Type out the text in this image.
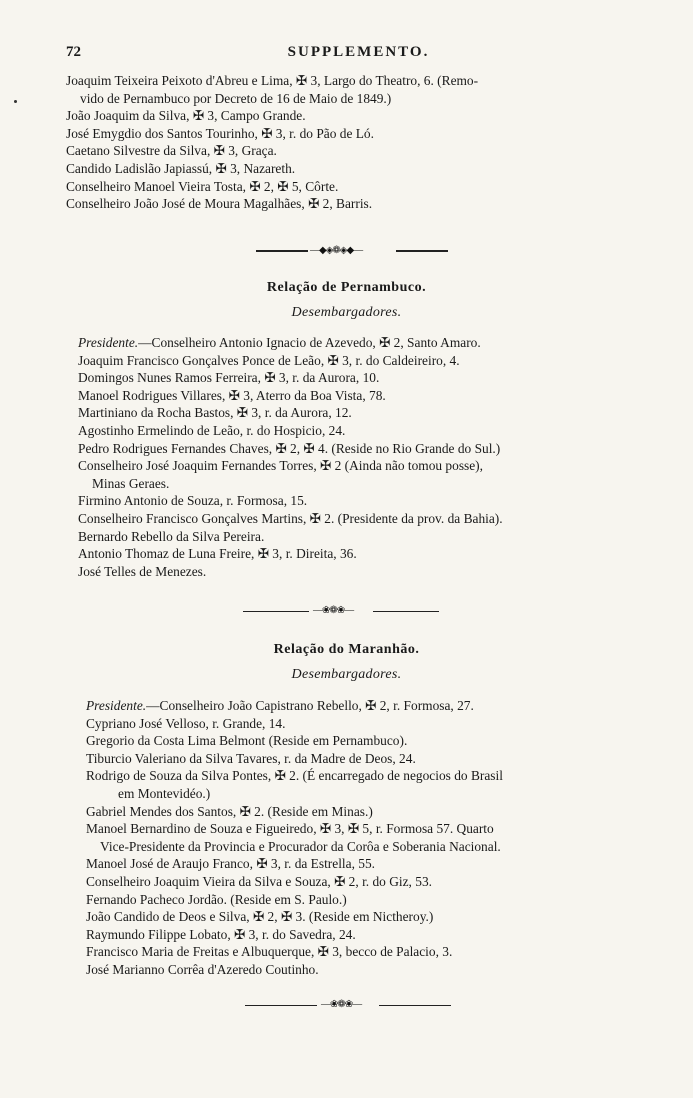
72	SUPPLEMENTO.
Joaquim Teixeira Peixoto d'Abreu e Lima, ✠ 3, Largo do Theatro, 6. (Remo-
vido de Pernambuco por Decreto de 16 de Maio de 1849.)
João Joaquim da Silva, ✠ 3, Campo Grande.
José Emygdio dos Santos Tourinho, ✠ 3, r. do Pão de Ló.
Caetano Silvestre da Silva, ✠ 3, Graça.
Candido Ladislão Japiassú, ✠ 3, Nazareth.
Conselheiro Manoel Vieira Tosta, ✠ 2, ✠ 5, Côrte.
Conselheiro João José de Moura Magalhães, ✠ 2, Barris.
—◆◈❁◈◆—
Relação de Pernambuco.
Desembargadores.
Presidente.—Conselheiro Antonio Ignacio de Azevedo, ✠ 2, Santo Amaro.
Joaquim Francisco Gonçalves Ponce de Leão, ✠ 3, r. do Caldeireiro, 4.
Domingos Nunes Ramos Ferreira, ✠ 3, r. da Aurora, 10.
Manoel Rodrigues Villares, ✠ 3, Aterro da Boa Vista, 78.
Martiniano da Rocha Bastos, ✠ 3, r. da Aurora, 12.
Agostinho Ermelindo de Leão, r. do Hospicio, 24.
Pedro Rodrigues Fernandes Chaves, ✠ 2, ✠ 4. (Reside no Rio Grande do Sul.)
Conselheiro José Joaquim Fernandes Torres, ✠ 2 (Ainda não tomou posse),
Minas Geraes.
Firmino Antonio de Souza, r. Formosa, 15.
Conselheiro Francisco Gonçalves Martins, ✠ 2. (Presidente da prov. da Bahia).
Bernardo Rebello da Silva Pereira.
Antonio Thomaz de Luna Freire, ✠ 3, r. Direita, 36.
José Telles de Menezes.
—❀❁❀—
Relação do Maranhão.
Desembargadores.
Presidente.—Conselheiro João Capistrano Rebello, ✠ 2, r. Formosa, 27.
Cypriano José Velloso, r. Grande, 14.
Gregorio da Costa Lima Belmont (Reside em Pernambuco).
Tiburcio Valeriano da Silva Tavares, r. da Madre de Deos, 24.
Rodrigo de Souza da Silva Pontes, ✠ 2. (É encarregado de negocios do Brasil
em Montevidéo.)
Gabriel Mendes dos Santos, ✠ 2. (Reside em Minas.)
Manoel Bernardino de Souza e Figueiredo, ✠ 3, ✠ 5, r. Formosa 57. Quarto
Vice-Presidente da Provincia e Procurador da Corôa e Soberania Nacional.
Manoel José de Araujo Franco, ✠ 3, r. da Estrella, 55.
Conselheiro Joaquim Vieira da Silva e Souza, ✠ 2, r. do Giz, 53.
Fernando Pacheco Jordão. (Reside em S. Paulo.)
João Candido de Deos e Silva, ✠ 2, ✠ 3. (Reside em Nictheroy.)
Raymundo Filippe Lobato, ✠ 3, r. do Savedra, 24.
Francisco Maria de Freitas e Albuquerque, ✠ 3, becco de Palacio, 3.
José Marianno Corrêa d'Azeredo Coutinho.
—❀❁❀—
